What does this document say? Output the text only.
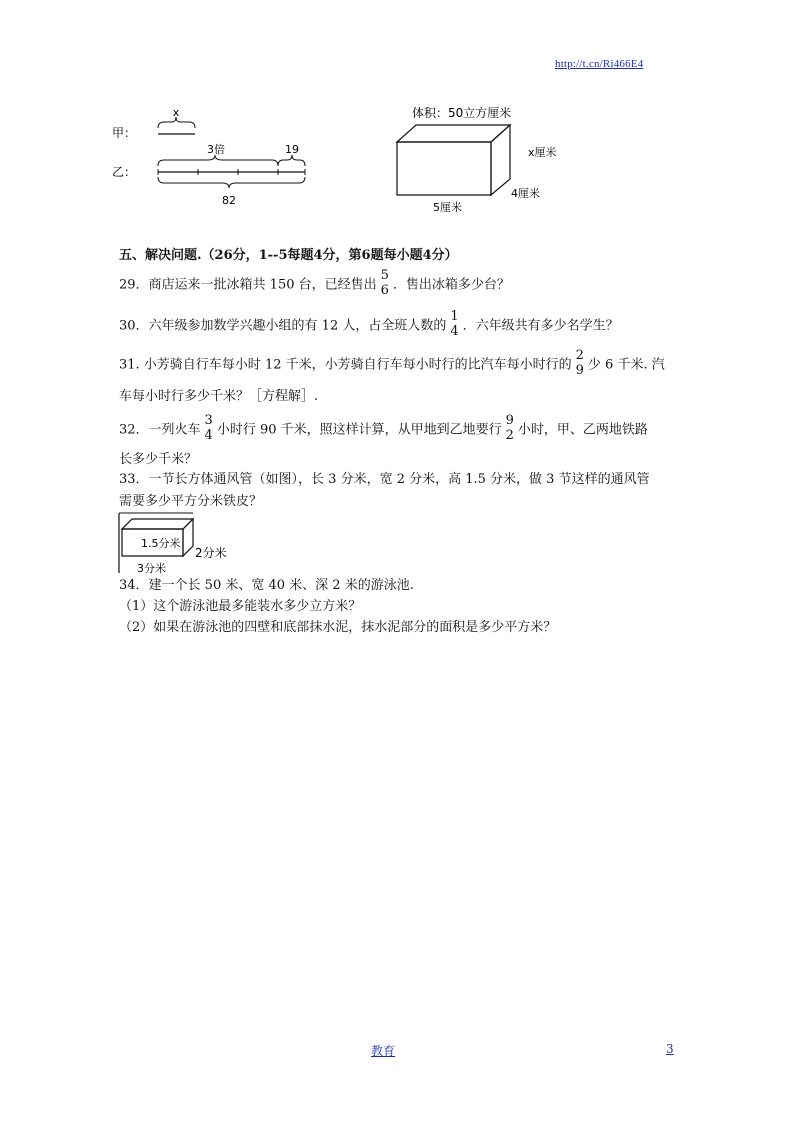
http://t.cn/Ri466E4
x
甲：
3倍	19
乙：
82
体积：50立方厘米
x厘米
4厘米
5厘米
五、解决问题.（26分，1--5每题4分，第6题每小题4分）
29．商店运来一批冰箱共 150 台，已经售出
5
6 ．售出冰箱多少台？
30．六年级参加数学兴趣小组的有 12 人，占全班人数的
1
4 ．六年级共有多少名学生？
31. 小芳骑自行车每小时 12 千米，小芳骑自行车每小时行的比汽车每小时行的
2
9 少 6 千米. 汽
车每小时行多少千米？［方程解］.
32．一列火车
3
4 小时行 90 千米，照这样计算，从甲地到乙地要行
9
2 小时，甲、乙两地铁路
长多少千米？
33．一节长方体通风管（如图），长 3 分米，宽 2 分米，高 1.5 分米，做 3 节这样的通风管
需要多少平方分米铁皮？
1.5分米
2分米
3分米
34．建一个长 50 米、宽 40 米、深 2 米的游泳池.
（1）这个游泳池最多能装水多少立方米？
（2）如果在游泳池的四壁和底部抹水泥，抹水泥部分的面积是多少平方米？
教育	3
